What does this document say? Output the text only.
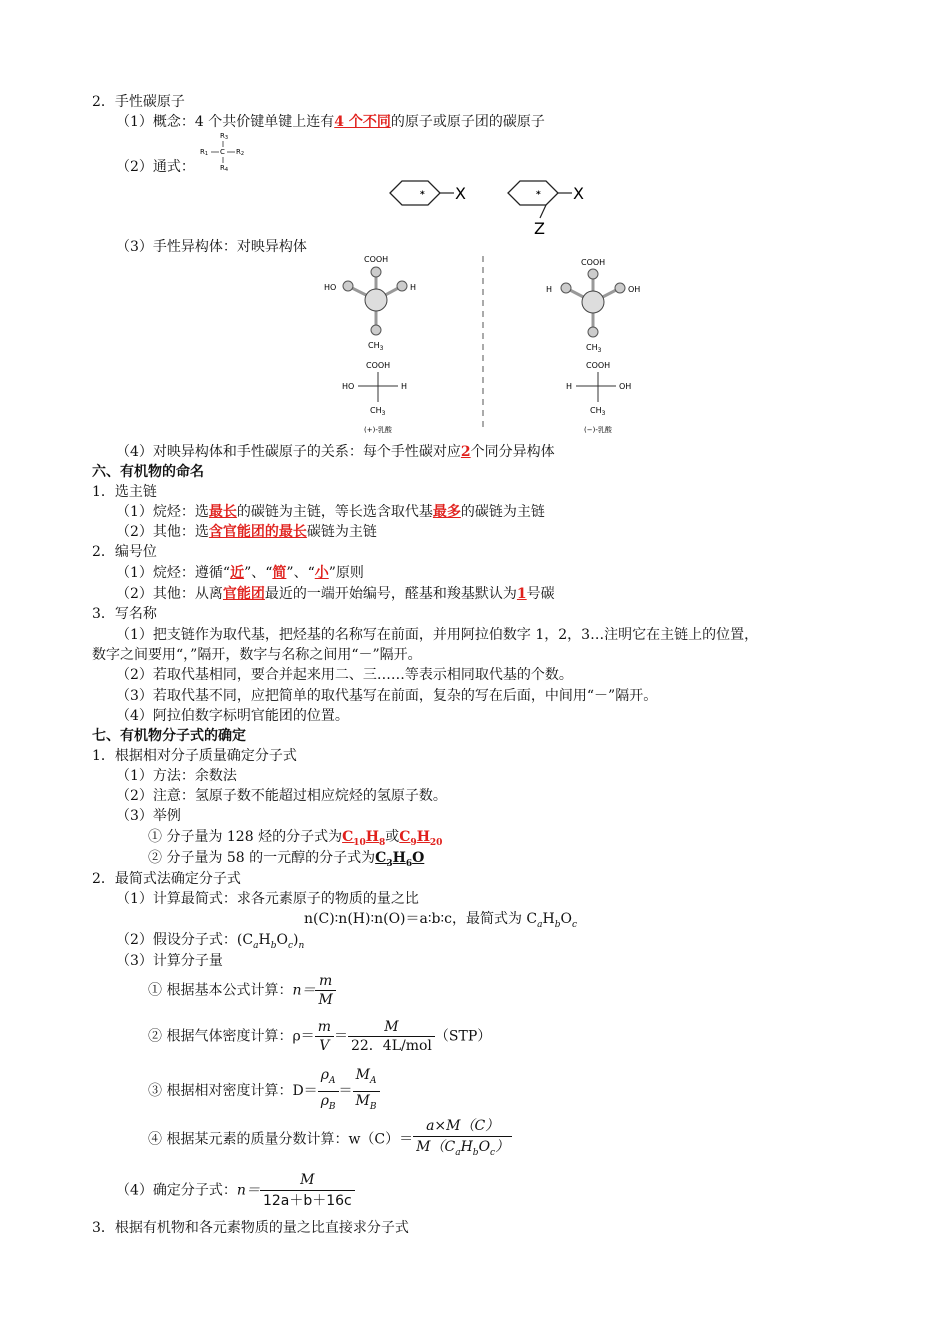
2．手性碳原子
（1）概念：4 个共价键单键上连有4 个不同的原子或原子团的碳原子
R3
R1 C R2
R4
（2）通式：
* X	* X
Z
（3）手性异构体：对映异构体
COOH
HO	H
$CH_3$
COOH
HO	H
$CH_3$
(+)-乳酸
COOH
H	OH
$CH_3$
COOH
H	OH
$CH_3$
(−)-乳酸
（4）对映异构体和手性碳原子的关系：每个手性碳对应2个同分异构体
六、有机物的命名
1．选主链
（1）烷烃：选最长的碳链为主链，等长选含取代基最多的碳链为主链
（2）其他：选含官能团的最长碳链为主链
2．编号位
（1）烷烃：遵循“近”、“简”、“小”原则
（2）其他：从离官能团最近的一端开始编号，醛基和羧基默认为1号碳
3．写名称
（1）把支链作为取代基，把烃基的名称写在前面，并用阿拉伯数字 1，2，3…注明它在主链上的位置，
数字之间要用“，”隔开，数字与名称之间用“－”隔开。
（2）若取代基相同，要合并起来用二、三……等表示相同取代基的个数。
（3）若取代基不同，应把简单的取代基写在前面，复杂的写在后面，中间用“－”隔开。
（4）阿拉伯数字标明官能团的位置。
七、有机物分子式的确定
1．根据相对分子质量确定分子式
（1）方法：余数法
（2）注意：氢原子数不能超过相应烷烃的氢原子数。
（3）举例
① 分子量为 128 烃的分子式为$C_{10}H_8$或$C_9H_{20}$
② 分子量为 58 的一元醇的分子式为$C_3H_6O$
2．最简式法确定分子式
（1）计算最简式：求各元素原子的物质的量之比
n(C)∶n(H)∶n(O)＝a∶b∶c，最简式为 $C_aH_bO_c$
（2）假设分子式：$(C_aH_bO_c)_n$
（3）计算分子量
① 根据基本公式计算：$n= \frac{m}{M}$
② 根据气体密度计算：$\rho= \frac{m}{V} = \frac{M}{\text{22．4L/mol}} (STP)$
③ 根据相对密度计算：$D= \frac{\rho_A}{\rho_B} = \frac{M_A}{M_B}$
④ 根据某元素的质量分数计算：$w(C)= \frac{a\times M(C)}{M(C_aH_bO_c)}$
（4）确定分子式：$n= \frac{M}{12a+b+16c}$
3．根据有机物和各元素物质的量之比直接求分子式
